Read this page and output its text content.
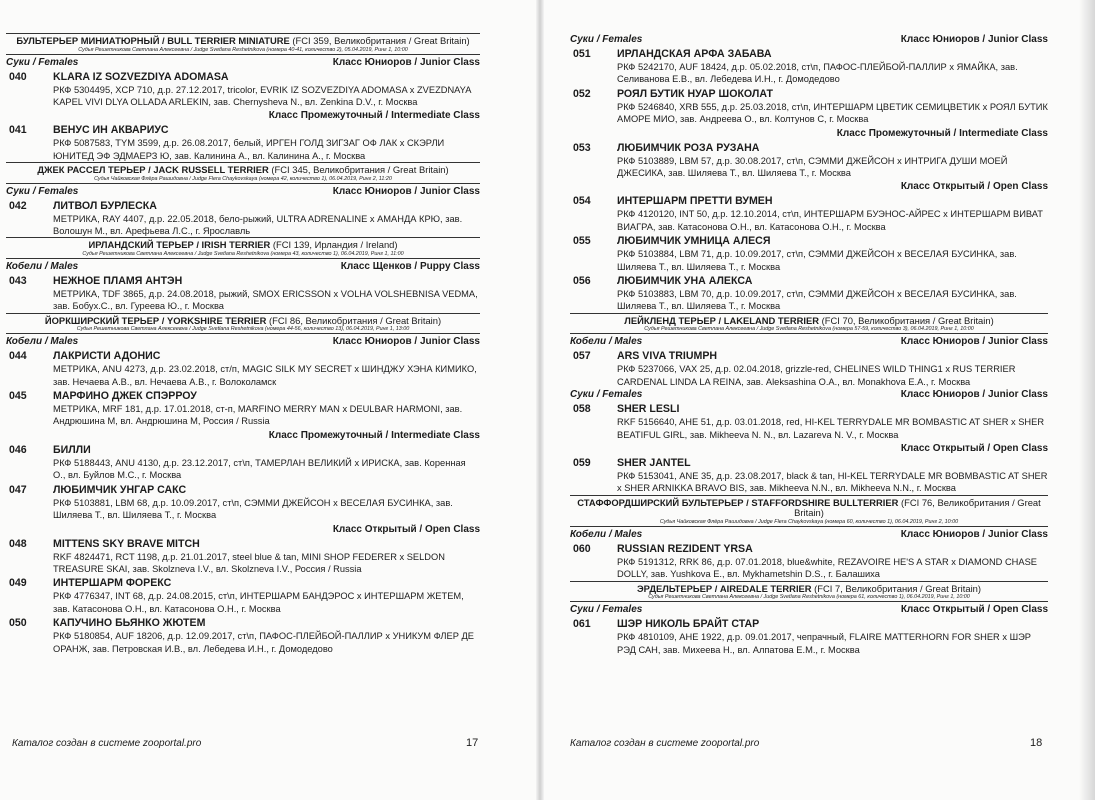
БУЛЬТЕРЬЕР МИНИАТЮРНЫЙ / BULL TERRIER MINIATURE (FCI 359, Великобритания / Great Britain)
Судья Решетникова Светлана Алексеевна / Judge Svetlana Reshetnikova (номера 40-41, количество 2), 05.04.2019, Ринг 1, 10:00
Суки / Females	Класс Юниоров / Junior Class
040	KLARA IZ SOZVEZDIYA ADOMASA
РКФ 5304495, XCP 710, д.р. 27.12.2017, tricolor, EVRIK IZ SOZVEZDIYA ADOMASA x ZVEZDNAYA KAPEL VIVI DLYA OLLADA ARLEKIN, зав. Chernysheva N., вл. Zenkina D.V., г. Москва
Класс Промежуточный / Intermediate Class
041	ВЕНУС ИН АКВАРИУС
РКФ 5087583, TYM 3599, д.р. 26.08.2017, белый, ИРГЕН ГОЛД ЗИГЗАГ ОФ ЛАК х СКЭРЛИ ЮНИТЕД ЭФ ЭДМАЕРЗ Ю, зав. Калинина А., вл. Калинина А., г. Москва
ДЖЕК РАССЕЛ ТЕРЬЕР / JACK RUSSELL TERRIER (FCI 345, Великобритания / Great Britain)
Судья Чайковская Флёра Рашидовна / Judge Flera Chaykovskaya (номера 42, количество 1), 06.04.2019, Ринг 2, 11:20
Суки / Females	Класс Юниоров / Junior Class
042	ЛИТВОЛ БУРЛЕСКА
МЕТРИКА, RAY 4407, д.р. 22.05.2018, бело-рыжий, ULTRA ADRENALINE х АМАНДА КРЮ, зав. Волошун М., вл. Арефьева Л.С., г. Ярославль
ИРЛАНДСКИЙ ТЕРЬЕР / IRISH TERRIER (FCI 139, Ирландия / Ireland)
Судья Решетникова Светлана Алексеевна / Judge Svetlana Reshetnikova (номера 43, количество 1), 06.04.2019, Ринг 1, 11:00
Кобели / Males	Класс Щенков / Puppy Class
043	НЕЖНОЕ ПЛАМЯ АНТЭН
МЕТРИКА, TDF 3865, д.р. 24.08.2018, рыжий, SMOX ERICSSON x VOLHA VOLSHEBNISA VEDMA, зав. Бобух.С., вл. Гуреева Ю., г. Москва
ЙОРКШИРСКИЙ ТЕРЬЕР / YORKSHIRE TERRIER (FCI 86, Великобритания / Great Britain)
Судья Решетникова Светлана Алексеевна / Judge Svetlana Reshetnikova (номера 44-56, количество 13), 06.04.2019, Ринг 1, 13:00
Кобели / Males	Класс Юниоров / Junior Class
044	ЛАКРИСТИ АДОНИС
МЕТРИКА, ANU 4273, д.р. 23.02.2018, ст/п, MAGIC SILK MY SECRET х ШИНДЖУ ХЭНА КИМИКО, зав. Нечаева А.В., вл. Нечаева А.В., г. Волоколамск
045	МАРФИНО ДЖЕК СПЭРРОУ
МЕТРИКА, MRF 181, д.р. 17.01.2018, ст-п, MARFINO MERRY MAN x DEULBAR HARMONI, зав. Андрюшина М, вл. Андрюшина М, Россия / Russia
Класс Промежуточный / Intermediate Class
046	БИЛЛИ
РКФ 5188443, ANU 4130, д.р. 23.12.2017, ст\п, ТАМЕРЛАН ВЕЛИКИЙ х ИРИСКА, зав. Коренная О., вл. Буйлов М.С., г. Москва
047	ЛЮБИМЧИК УНГАР САКС
РКФ 5103881, LBM 68, д.р. 10.09.2017, ст\п, СЭММИ ДЖЕЙСОН х ВЕСЕЛАЯ БУСИНКА, зав. Шиляева Т., вл. Шиляева Т., г. Москва
Класс Открытый / Open Class
048	MITTENS SKY BRAVE MITCH
RKF 4824471, RCT 1198, д.р. 21.01.2017, steel blue & tan, MINI SHOP FEDERER x SELDON TREASURE SKAI, зав. Skolzneva I.V., вл. Skolzneva I.V., Россия / Russia
049	ИНТЕРШАРМ ФОРЕКС
РКФ 4776347, INT 68, д.р. 24.08.2015, ст\п, ИНТЕРШАРМ БАНДЭРОС х ИНТЕРШАРМ ЖЕТЕМ, зав. Катасонова О.Н., вл. Катасонова О.Н., г. Москва
050	КАПУЧИНО БЬЯНКО ЖЮТЕМ
РКФ 5180854, AUF 18206, д.р. 12.09.2017, ст\п, ПАФОС-ПЛЕЙБОЙ-ПАЛЛИР х УНИКУМ ФЛЕР ДЕ ОРАНЖ, зав. Петровская И.В., вл. Лебедева И.Н., г. Домодедово
Каталог создан в системе zooportal.pro	17
Суки / Females	Класс Юниоров / Junior Class
051	ИРЛАНДСКАЯ АРФА ЗАБАВА
РКФ 5242170, AUF 18424, д.р. 05.02.2018, ст\п, ПАФОС-ПЛЕЙБОЙ-ПАЛЛИР х ЯМАЙКА, зав. Селиванова Е.В., вл. Лебедева И.Н., г. Домодедово
052	РОЯЛ БУТИК НУАР ШОКОЛАТ
РКФ 5246840, XRB 555, д.р. 25.03.2018, ст\п, ИНТЕРШАРМ ЦВЕТИК СЕМИЦВЕТИК х РОЯЛ БУТИК АМОРЕ МИО, зав. Андреева О., вл. Колтунов С, г. Москва
Класс Промежуточный / Intermediate Class
053	ЛЮБИМЧИК РОЗА РУЗАНА
РКФ 5103889, LBM 57, д.р. 30.08.2017, ст\п, СЭММИ ДЖЕЙСОН х ИНТРИГА ДУШИ МОЕЙ ДЖЕСИКА, зав. Шиляева Т., вл. Шиляева Т., г. Москва
Класс Открытый / Open Class
054	ИНТЕРШАРМ ПРЕТТИ ВУМЕН
РКФ 4120120, INT 50, д.р. 12.10.2014, ст\п, ИНТЕРШАРМ БУЭНОС-АЙРЕС х ИНТЕРШАРМ ВИВАТ ВИАГРА, зав. Катасонова О.Н., вл. Катасонова О.Н., г. Москва
055	ЛЮБИМЧИК УМНИЦА АЛЕСЯ
РКФ 5103884, LBM 71, д.р. 10.09.2017, ст\п, СЭММИ ДЖЕЙСОН х ВЕСЕЛАЯ БУСИНКА, зав. Шиляева Т., вл. Шиляева Т., г. Москва
056	ЛЮБИМЧИК УНА АЛЕКСА
РКФ 5103883, LBM 70, д.р. 10.09.2017, ст\п, СЭММИ ДЖЕЙСОН х ВЕСЕЛАЯ БУСИНКА, зав. Шиляева Т., вл. Шиляева Т., г. Москва
ЛЕЙКЛЕНД ТЕРЬЕР / LAKELAND TERRIER (FCI 70, Великобритания / Great Britain)
Судья Решетникова Светлана Алексеевна / Judge Svetlana Reshetnikova (номера 57-59, количество 3), 06.04.2019, Ринг 1, 10:00
Кобели / Males	Класс Юниоров / Junior Class
057	ARS VIVA TRIUMPH
РКФ 5237066, VAX 25, д.р. 02.04.2018, grizzle-red, CHELINES WILD THING1 x RUS TERRIER CARDENAL LINDA LA REINA, зав. Aleksashina O.A., вл. Monakhova E.A., г. Москва
Суки / Females	Класс Юниоров / Junior Class
058	SHER LESLI
RKF 5156640, AHE 51, д.р. 03.01.2018, red, HI-KEL TERRYDALE MR BOMBASTIC AT SHER x SHER BEATIFUL GIRL, зав. Mikheeva N. N., вл. Lazareva N. V., г. Москва
Класс Открытый / Open Class
059	SHER JANTEL
РКФ 5153041, ANE 35, д.р. 23.08.2017, black & tan, HI-KEL TERRYDALE MR BOBMBASTIC AT SHER x SHER ARNIKKA BRAVO BIS, зав. Mikheeva N.N., вл. Mikheeva N.N., г. Москва
СТАФФОРДШИРСКИЙ БУЛЬТЕРЬЕР / STAFFORDSHIRE BULLTERRIER (FCI 76, Великобритания / Great Britain)
Судья Чайковская Флёра Рашидовна / Judge Flera Chaykovskaya (номера 60, количество 1), 06.04.2019, Ринг 2, 10:00
Кобели / Males	Класс Юниоров / Junior Class
060	RUSSIAN REZIDENT YRSA
РКФ 5191312, RRK 86, д.р. 07.01.2018, blue&white, REZAVOIRE HE'S A STAR x DIAMOND CHASE DOLLY, зав. Yushkova E., вл. Mykhametshin D.S., г. Балашиха
ЭРДЕЛЬТЕРЬЕР / AIREDALE TERRIER (FCI 7, Великобритания / Great Britain)
Судья Решетникова Светлана Алексеевна / Judge Svetlana Reshetnikova (номера 61, количество 1), 06.04.2019, Ринг 1, 10:00
Суки / Females	Класс Открытый / Open Class
061	ШЭР НИКОЛЬ БРАЙТ СТАР
РКФ 4810109, AHE 1922, д.р. 09.01.2017, чепрачный, FLAIRE MATTERHORN FOR SHER x ШЭР РЭД САН, зав. Михеева Н., вл. Алпатова Е.М., г. Москва
Каталог создан в системе zooportal.pro	18
